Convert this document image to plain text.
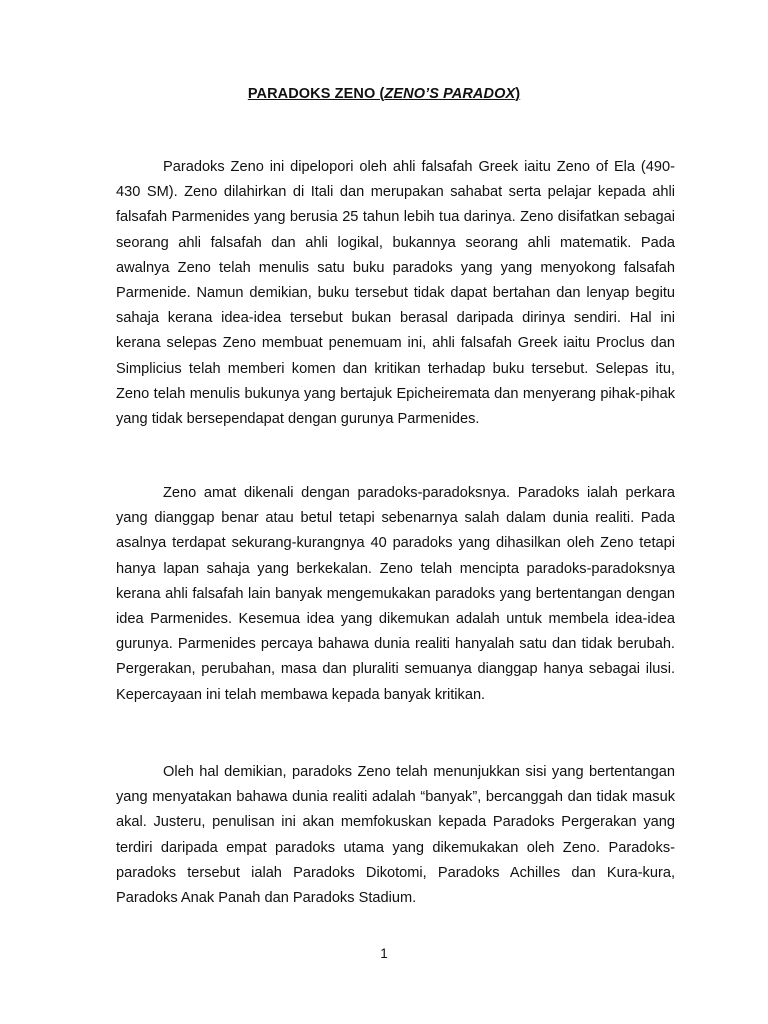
PARADOKS ZENO (ZENO’S PARADOX)

Paradoks Zeno ini dipelopori oleh ahli falsafah Greek iaitu Zeno of Ela (490-430 SM). Zeno dilahirkan di Itali dan merupakan sahabat serta pelajar kepada ahli falsafah Parmenides yang berusia 25 tahun lebih tua darinya. Zeno disifatkan sebagai seorang ahli falsafah dan ahli logikal, bukannya seorang ahli matematik. Pada awalnya Zeno telah menulis satu buku paradoks yang yang menyokong falsafah Parmenide. Namun demikian, buku tersebut tidak dapat bertahan dan lenyap begitu sahaja kerana idea-idea tersebut bukan berasal daripada dirinya sendiri. Hal ini kerana selepas Zeno membuat penemuam ini, ahli falsafah Greek iaitu Proclus dan Simplicius telah memberi komen dan kritikan terhadap buku tersebut. Selepas itu, Zeno telah menulis bukunya yang bertajuk Epicheiremata dan menyerang pihak-pihak yang tidak bersependapat dengan gurunya Parmenides.

Zeno amat dikenali dengan paradoks-paradoksnya. Paradoks ialah perkara yang dianggap benar atau betul tetapi sebenarnya salah dalam dunia realiti. Pada asalnya terdapat sekurang-kurangnya 40 paradoks yang dihasilkan oleh Zeno tetapi hanya lapan sahaja yang berkekalan. Zeno telah mencipta paradoks-paradoksnya kerana ahli falsafah lain banyak mengemukakan paradoks yang bertentangan dengan idea Parmenides. Kesemua idea yang dikemukan adalah untuk membela idea-idea gurunya. Parmenides percaya bahawa dunia realiti hanyalah satu dan tidak berubah. Pergerakan, perubahan, masa dan pluraliti semuanya dianggap hanya sebagai ilusi. Kepercayaan ini telah membawa kepada banyak kritikan.

Oleh hal demikian, paradoks Zeno telah menunjukkan sisi yang bertentangan yang menyatakan bahawa dunia realiti adalah “banyak”, bercanggah dan tidak masuk akal. Justeru, penulisan ini akan memfokuskan kepada Paradoks Pergerakan yang terdiri daripada empat paradoks utama yang dikemukakan oleh Zeno. Paradoks-paradoks tersebut ialah Paradoks Dikotomi, Paradoks Achilles dan Kura-kura, Paradoks Anak Panah dan Paradoks Stadium.

1
